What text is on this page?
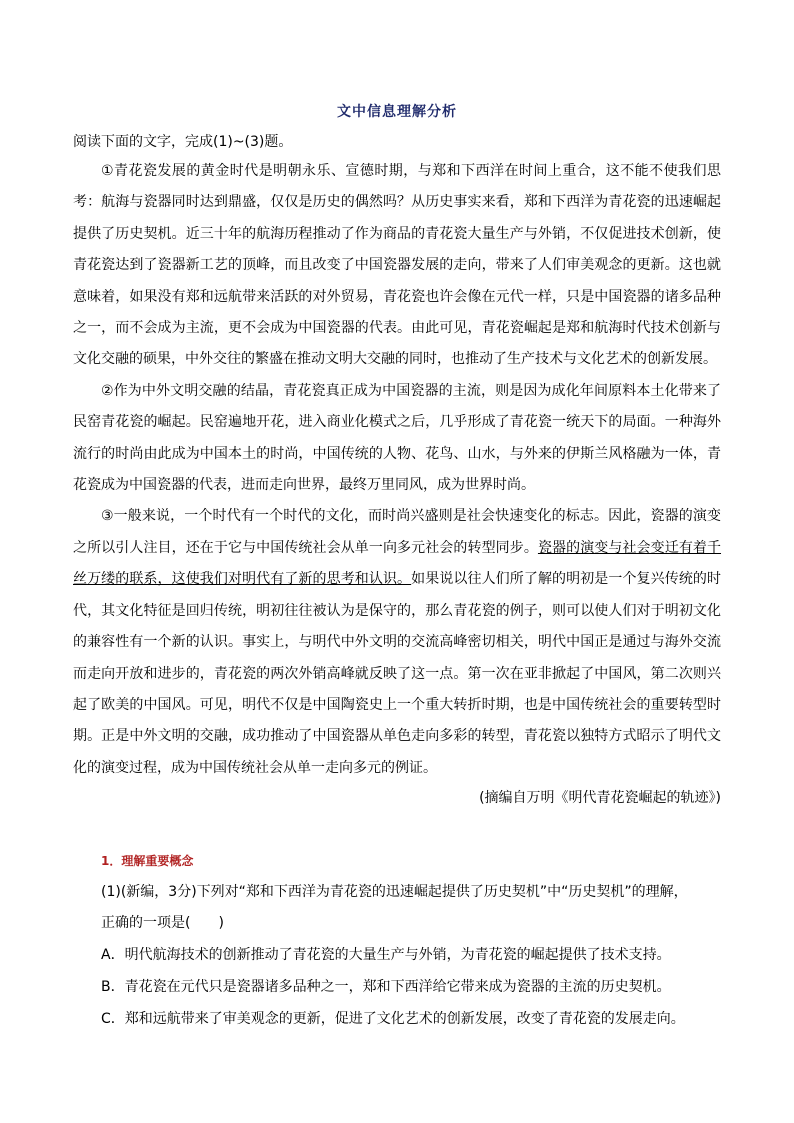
文中信息理解分析
阅读下面的文字，完成(1)~(3)题。

①青花瓷发展的黄金时代是明朝永乐、宣德时期，与郑和下西洋在时间上重合，这不能不使我们思考：航海与瓷器同时达到鼎盛，仅仅是历史的偶然吗？从历史事实来看，郑和下西洋为青花瓷的迅速崛起提供了历史契机。近三十年的航海历程推动了作为商品的青花瓷大量生产与外销，不仅促进技术创新，使青花瓷达到了瓷器新工艺的顶峰，而且改变了中国瓷器发展的走向，带来了人们审美观念的更新。这也就意味着，如果没有郑和远航带来活跃的对外贸易，青花瓷也许会像在元代一样，只是中国瓷器的诸多品种之一，而不会成为主流，更不会成为中国瓷器的代表。由此可见，青花瓷崛起是郑和航海时代技术创新与文化交融的硕果，中外交往的繁盛在推动文明大交融的同时，也推动了生产技术与文化艺术的创新发展。

②作为中外文明交融的结晶，青花瓷真正成为中国瓷器的主流，则是因为成化年间原料本土化带来了民窑青花瓷的崛起。民窑遍地开花，进入商业化模式之后，几乎形成了青花瓷一统天下的局面。一种海外流行的时尚由此成为中国本土的时尚，中国传统的人物、花鸟、山水，与外来的伊斯兰风格融为一体，青花瓷成为中国瓷器的代表，进而走向世界，最终万里同风，成为世界时尚。

③一般来说，一个时代有一个时代的文化，而时尚兴盛则是社会快速变化的标志。因此，瓷器的演变之所以引人注目，还在于它与中国传统社会从单一向多元社会的转型同步。瓷器的演变与社会变迁有着千丝万缕的联系，这使我们对明代有了新的思考和认识。如果说以往人们所了解的明初是一个复兴传统的时代，其文化特征是回归传统，明初往往被认为是保守的，那么青花瓷的例子，则可以使人们对于明初文化的兼容性有一个新的认识。事实上，与明代中外文明的交流高峰密切相关，明代中国正是通过与海外交流而走向开放和进步的，青花瓷的两次外销高峰就反映了这一点。第一次在亚非掀起了中国风，第二次则兴起了欧美的中国风。可见，明代不仅是中国陶瓷史上一个重大转折时期，也是中国传统社会的重要转型时期。正是中外文明的交融，成功推动了中国瓷器从单色走向多彩的转型，青花瓷以独特方式昭示了明代文化的演变过程，成为中国传统社会从单一走向多元的例证。

(摘编自万明《明代青花瓷崛起的轨迹》)
1．理解重要概念

(1)(新编，3分)下列对“郑和下西洋为青花瓷的迅速崛起提供了历史契机”中“历史契机”的理解，

正确的一项是(　　)

A．明代航海技术的创新推动了青花瓷的大量生产与外销，为青花瓷的崛起提供了技术支持。

B．青花瓷在元代只是瓷器诸多品种之一，郑和下西洋给它带来成为瓷器的主流的历史契机。

C．郑和远航带来了审美观念的更新，促进了文化艺术的创新发展，改变了青花瓷的发展走向。
